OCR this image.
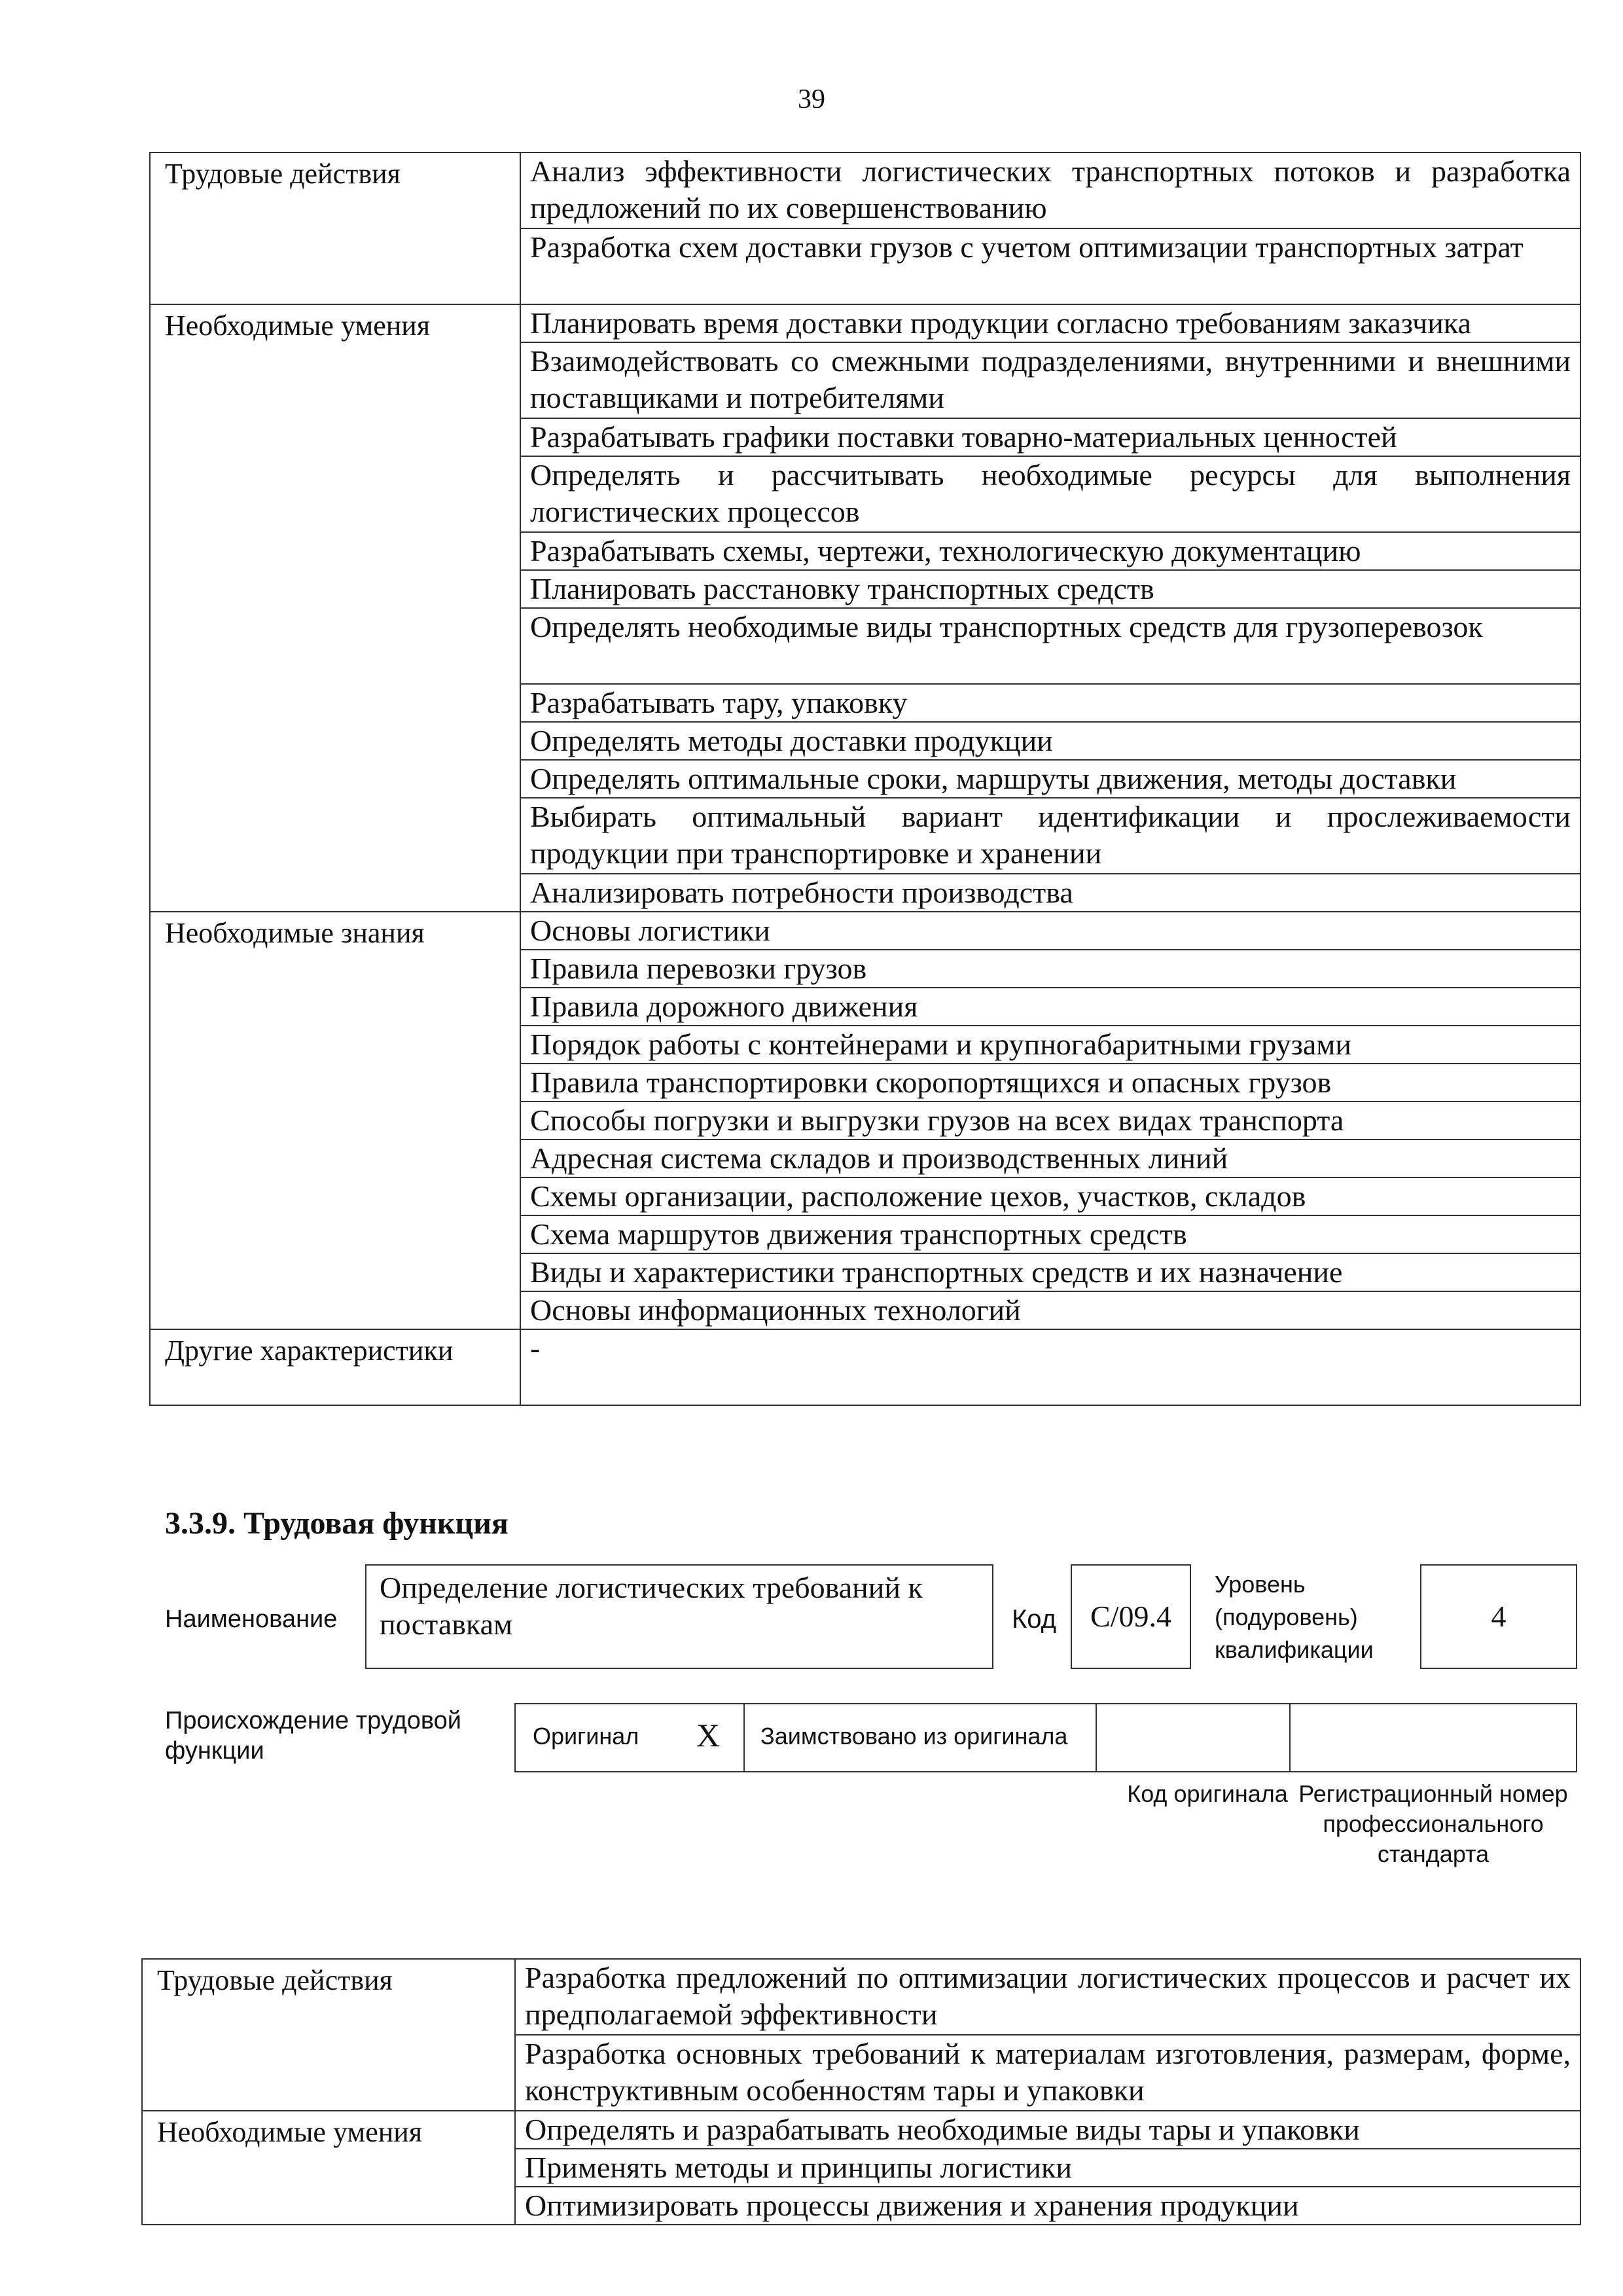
39
Трудовые действия	Анализ эффективности логистических транспортных потоков и разработка предложений по их совершенствованию
	Разработка схем доставки грузов с учетом оптимизации транспортных затрат
Необходимые умения	Планировать время доставки продукции согласно требованиям заказчика
	Взаимодействовать со смежными подразделениями, внутренними и внешними поставщиками и потребителями
	Разрабатывать графики поставки товарно-материальных ценностей
	Определять и рассчитывать необходимые ресурсы для выполнения логистических процессов
	Разрабатывать схемы, чертежи, технологическую документацию
	Планировать расстановку транспортных средств
	Определять необходимые виды транспортных средств для грузоперевозок
	Разрабатывать тару, упаковку
	Определять методы доставки продукции
	Определять оптимальные сроки, маршруты движения, методы доставки
	Выбирать оптимальный вариант идентификации и прослеживаемости продукции при транспортировке и хранении
	Анализировать потребности производства
Необходимые знания	Основы логистики
	Правила перевозки грузов
	Правила дорожного движения
	Порядок работы с контейнерами и крупногабаритными грузами
	Правила транспортировки скоропортящихся и опасных грузов
	Способы погрузки и выгрузки грузов на всех видах транспорта
	Адресная система складов и производственных линий
	Схемы организации, расположение цехов, участков, складов
	Схема маршрутов движения транспортных средств
	Виды и характеристики транспортных средств и их назначение
	Основы информационных технологий
Другие характеристики	-
3.3.9. Трудовая функция
Наименование
Определение логистических требований к поставкам	Код C/09.4
Уровень (подуровень) квалификации
4
Происхождение трудовой функции
Оригинал X Заимствовано из оригинала
Код оригинала Регистрационный номер профессионального стандарта
Трудовые действия	Разработка предложений по оптимизации логистических процессов и расчет их предполагаемой эффективности
	Разработка основных требований к материалам изготовления, размерам, форме, конструктивным особенностям тары и упаковки
Необходимые умения	Определять и разрабатывать необходимые виды тары и упаковки
	Применять методы и принципы логистики
	Оптимизировать процессы движения и хранения продукции
